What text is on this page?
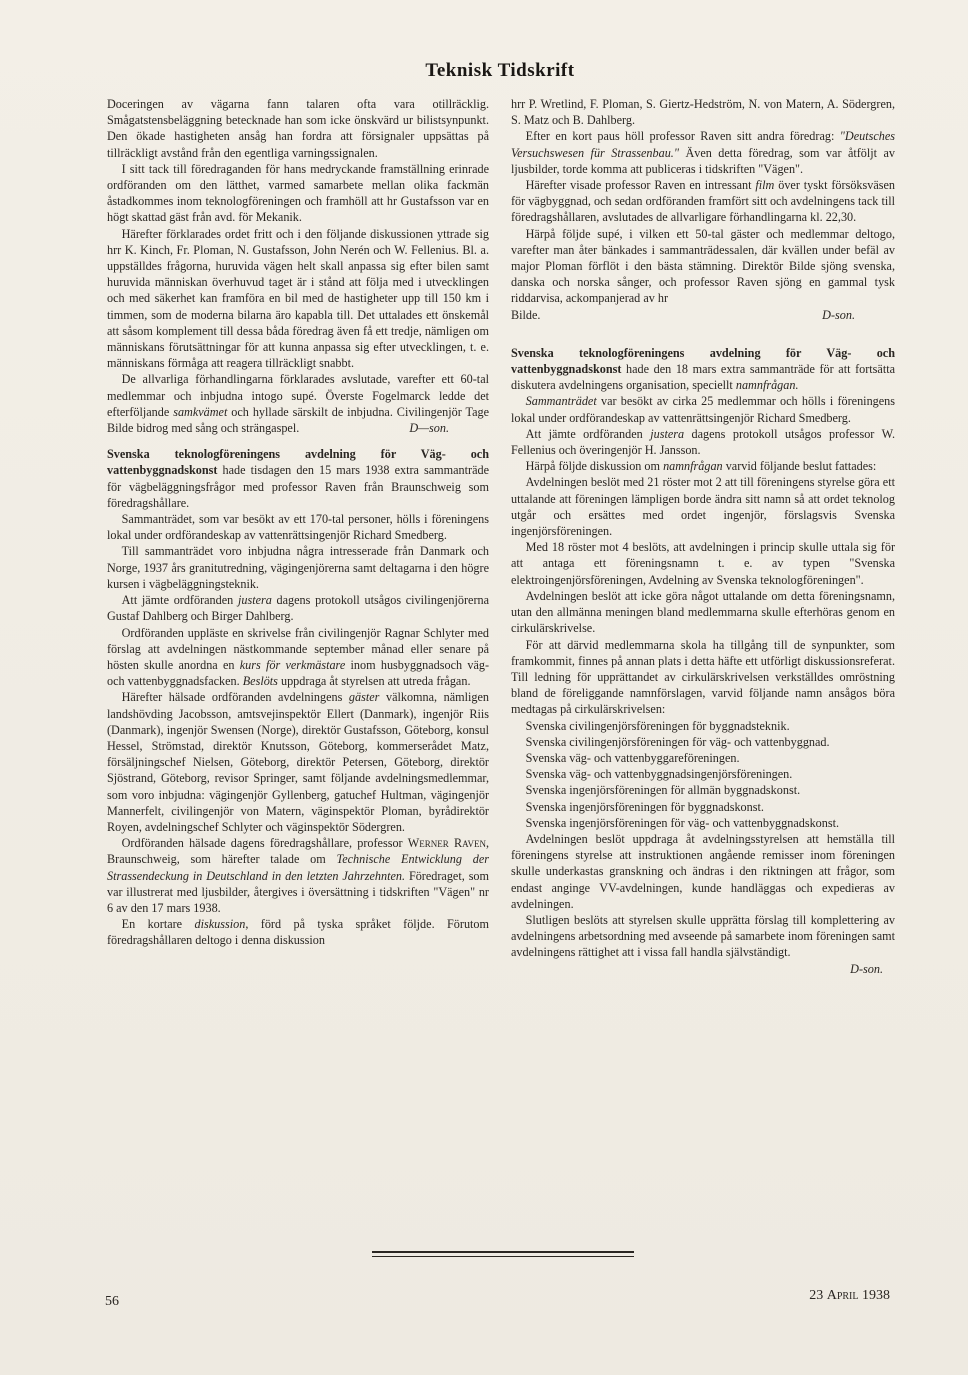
Teknisk Tidskrift

Doceringen av vägarna fann talaren ofta vara otillräcklig. Smågatstensbeläggning betecknade han som icke önskvärd ur bilistsynpunkt. Den ökade hastigheten ansåg han fordra att försignaler uppsättas på tillräckligt avstånd från den egentliga varningssignalen.

I sitt tack till föredraganden för hans medryckande framställning erinrade ordföranden om den lätthet, varmed samarbete mellan olika fackmän åstadkommes inom teknologföreningen och framhöll att hr Gustafsson var en högt skattad gäst från avd. för Mekanik.

Härefter förklarades ordet fritt och i den följande diskussionen yttrade sig hrr K. Kinch, Fr. Ploman, N. Gustafsson, John Nerén och W. Fellenius. Bl. a. uppställdes frågorna, huruvida vägen helt skall anpassa sig efter bilen samt huruvida människan överhuvud taget är i stånd att följa med i utvecklingen och med säkerhet kan framföra en bil med de hastigheter upp till 150 km i timmen, som de moderna bilarna äro kapabla till. Det uttalades ett önskemål att såsom komplement till dessa båda föredrag även få ett tredje, nämligen om människans förutsättningar för att kunna anpassa sig efter utvecklingen, t. e. människans förmåga att reagera tillräckligt snabbt.

De allvarliga förhandlingarna förklarades avslutade, varefter ett 60-tal medlemmar och inbjudna intogo supé. Överste Fogelmarck ledde det efterföljande samkvämet och hyllade särskilt de inbjudna. Civilingenjör Tage Bilde bidrog med sång och strängaspel.	D—son.

Svenska teknologföreningens avdelning för Väg- och vattenbyggnadskonst hade tisdagen den 15 mars 1938 extra sammanträde för vägbeläggningsfrågor med professor Raven från Braunschweig som föredragshållare.

Sammanträdet, som var besökt av ett 170-tal personer, hölls i föreningens lokal under ordförandeskap av vattenrättsingenjör Richard Smedberg.

Till sammanträdet voro inbjudna några intresserade från Danmark och Norge, 1937 års granitutredning, vägingenjörerna samt deltagarna i den högre kursen i vägbeläggningsteknik.

Att jämte ordföranden justera dagens protokoll utsågos civilingenjörerna Gustaf Dahlberg och Birger Dahlberg.

Ordföranden uppläste en skrivelse från civilingenjör Ragnar Schlyter med förslag att avdelningen nästkommande september månad eller senare på hösten skulle anordna en kurs för verkmästare inom husbyggnadsoch väg- och vattenbyggnadsfacken. Beslöts uppdraga åt styrelsen att utreda frågan.

Härefter hälsade ordföranden avdelningens gäster välkomna, nämligen landshövding Jacobsson, amtsvejinspektör Ellert (Danmark), ingenjör Riis (Danmark), ingenjör Swensen (Norge), direktör Gustafsson, Göteborg, konsul Hessel, Strömstad, direktör Knutsson, Göteborg, kommerserådet Matz, försäljningschef Nielsen, Göteborg, direktör Petersen, Göteborg, direktör Sjöstrand, Göteborg, revisor Springer, samt följande avdelningsmedlemmar, som voro inbjudna: vägingenjör Gyllenberg, gatuchef Hultman, vägingenjör Mannerfelt, civilingenjör von Matern, väginspektör Ploman, byrådirektör Royen, avdelningschef Schlyter och väginspektör Södergren.

Ordföranden hälsade dagens föredragshållare, professor Werner Raven, Braunschweig, som härefter talade om Technische Entwicklung der Strassendeckung in Deutschland in den letzten Jahrzehnten. Föredraget, som var illustrerat med ljusbilder, återgives i översättning i tidskriften "Vägen" nr 6 av den 17 mars 1938.

En kortare diskussion, förd på tyska språket följde. Förutom föredragshållaren deltogo i denna diskussion

hrr P. Wretlind, F. Ploman, S. Giertz-Hedström, N. von Matern, A. Södergren, S. Matz och B. Dahlberg.

Efter en kort paus höll professor Raven sitt andra föredrag: "Deutsches Versuchswesen für Strassenbau." Även detta föredrag, som var åtföljt av ljusbilder, torde komma att publiceras i tidskriften "Vägen".

Härefter visade professor Raven en intressant film över tyskt försöksväsen för vägbyggnad, och sedan ordföranden framfört sitt och avdelningens tack till föredragshållaren, avslutades de allvarligare förhandlingarna kl. 22,30.

Härpå följde supé, i vilken ett 50-tal gäster och medlemmar deltogo, varefter man åter bänkades i sammanträdessalen, där kvällen under befäl av major Ploman förflöt i den bästa stämning. Direktör Bilde sjöng svenska, danska och norska sånger, och professor Raven sjöng en gammal tysk riddarvisa, ackompanjerad av hr

Bilde.	D-son.

Svenska teknologföreningens avdelning för Väg- och vattenbyggnadskonst hade den 18 mars extra sammanträde för att fortsätta diskutera avdelningens organisation, speciellt namnfrågan.

Sammanträdet var besökt av cirka 25 medlemmar och hölls i föreningens lokal under ordförandeskap av vattenrättsingenjör Richard Smedberg.

Att jämte ordföranden justera dagens protokoll utsågos professor W. Fellenius och överingenjör H. Jansson.

Härpå följde diskussion om namnfrågan varvid följande beslut fattades:

Avdelningen beslöt med 21 röster mot 2 att till föreningens styrelse göra ett uttalande att föreningen lämpligen borde ändra sitt namn så att ordet teknolog utgår och ersättes med ordet ingenjör, förslagsvis Svenska ingenjörsföreningen.

Med 18 röster mot 4 beslöts, att avdelningen i princip skulle uttala sig för att antaga ett föreningsnamn t. e. av typen "Svenska elektroingenjörsföreningen, Avdelning av Svenska teknologföreningen".

Avdelningen beslöt att icke göra något uttalande om detta föreningsnamn, utan den allmänna meningen bland medlemmarna skulle efterhöras genom en cirkulärskrivelse.

För att därvid medlemmarna skola ha tillgång till de synpunkter, som framkommit, finnes på annan plats i detta häfte ett utförligt diskussionsreferat. Till ledning för upprättandet av cirkulärskrivelsen verkställdes omröstning bland de föreliggande namnförslagen, varvid följande namn ansågos böra medtagas på cirkulärskrivelsen:

Svenska civilingenjörsföreningen för byggnadsteknik.

Svenska civilingenjörsföreningen för väg- och vattenbyggnad.

Svenska väg- och vattenbyggareföreningen.

Svenska väg- och vattenbyggnadsingenjörsföreningen.

Svenska ingenjörsföreningen för allmän byggnadskonst.

Svenska ingenjörsföreningen för byggnadskonst.

Svenska ingenjörsföreningen för väg- och vattenbyggnadskonst.

Avdelningen beslöt uppdraga åt avdelningsstyrelsen att hemställa till föreningens styrelse att instruktionen angående remisser inom föreningen skulle underkastas granskning och ändras i den riktningen att frågor, som endast anginge VV-avdelningen, kunde handläggas och expedieras av avdelningen.

Slutligen beslöts att styrelsen skulle upprätta förslag till komplettering av avdelningens arbetsordning med avseende på samarbete inom föreningen samt avdelningens rättighet att i vissa fall handla självständigt.

D-son.

56	23 April 1938
